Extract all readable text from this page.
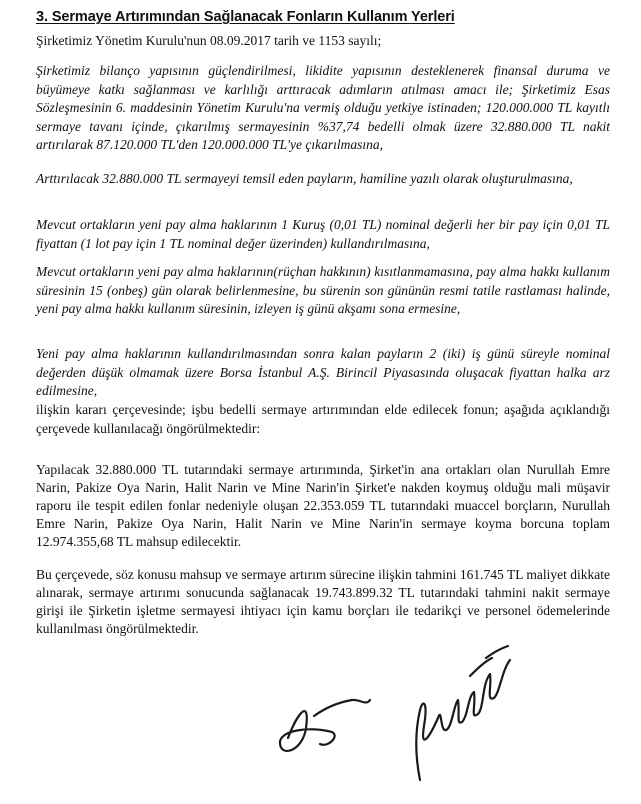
3. Sermaye Artırımından Sağlanacak Fonların Kullanım Yerleri
Şirketimiz Yönetim Kurulu'nun 08.09.2017 tarih ve 1153 sayılı;
Şirketimiz bilanço yapısının güçlendirilmesi, likidite yapısının desteklenerek finansal duruma ve büyümeye katkı sağlanması ve karlılığı arttıracak adımların atılması amacı ile; Şirketimiz Esas Sözleşmesinin 6. maddesinin Yönetim Kurulu'na vermiş olduğu yetkiye istinaden; 120.000.000 TL kayıtlı sermaye tavanı içinde, çıkarılmış sermayesinin %37,74 bedelli olmak üzere 32.880.000 TL nakit artırılarak 87.120.000 TL'den 120.000.000 TL'ye çıkarılmasına,
Arttırılacak 32.880.000 TL sermayeyi temsil eden payların, hamiline yazılı olarak oluşturulmasına,
Mevcut ortakların yeni pay alma haklarının 1 Kuruş (0,01 TL) nominal değerli her bir pay için 0,01 TL fiyattan (1 lot pay için 1 TL nominal değer üzerinden) kullandırılmasına,
Mevcut ortakların yeni pay alma haklarının(rüçhan hakkının) kısıtlanmamasına, pay alma hakkı kullanım süresinin 15 (onbeş) gün olarak belirlenmesine, bu sürenin son gününün resmi tatile rastlaması halinde, yeni pay alma hakkı kullanım süresinin, izleyen iş günü akşamı sona ermesine,
Yeni pay alma haklarının kullandırılmasından sonra kalan payların 2 (iki) iş günü süreyle nominal değerden düşük olmamak üzere Borsa İstanbul A.Ş. Birincil Piyasasında oluşacak fiyattan halka arz edilmesine,
ilişkin kararı çerçevesinde; işbu bedelli sermaye artırımından elde edilecek fonun; aşağıda açıklandığı çerçevede kullanılacağı öngörülmektedir:
Yapılacak 32.880.000 TL tutarındaki sermaye artırımında, Şirket'in ana ortakları olan Nurullah Emre Narin, Pakize Oya Narin, Halit Narin ve Mine Narin'in Şirket'e nakden koymuş olduğu mali müşavir raporu ile tespit edilen fonlar nedeniyle oluşan 22.353.059 TL tutarındaki muaccel borçların, Nurullah Emre Narin, Pakize Oya Narin, Halit Narin ve Mine Narin'in sermaye koyma borcuna toplam 12.974.355,68 TL mahsup edilecektir.
Bu çerçevede, söz konusu mahsup ve sermaye artırım sürecine ilişkin tahmini 161.745 TL maliyet dikkate alınarak, sermaye artırımı sonucunda sağlanacak 19.743.899.32 TL tutarındaki tahmini nakit sermaye girişi ile Şirketin işletme sermayesi ihtiyacı için kamu borçları ile tedarikçi ve personel ödemelerinde kullanılması öngörülmektedir.
